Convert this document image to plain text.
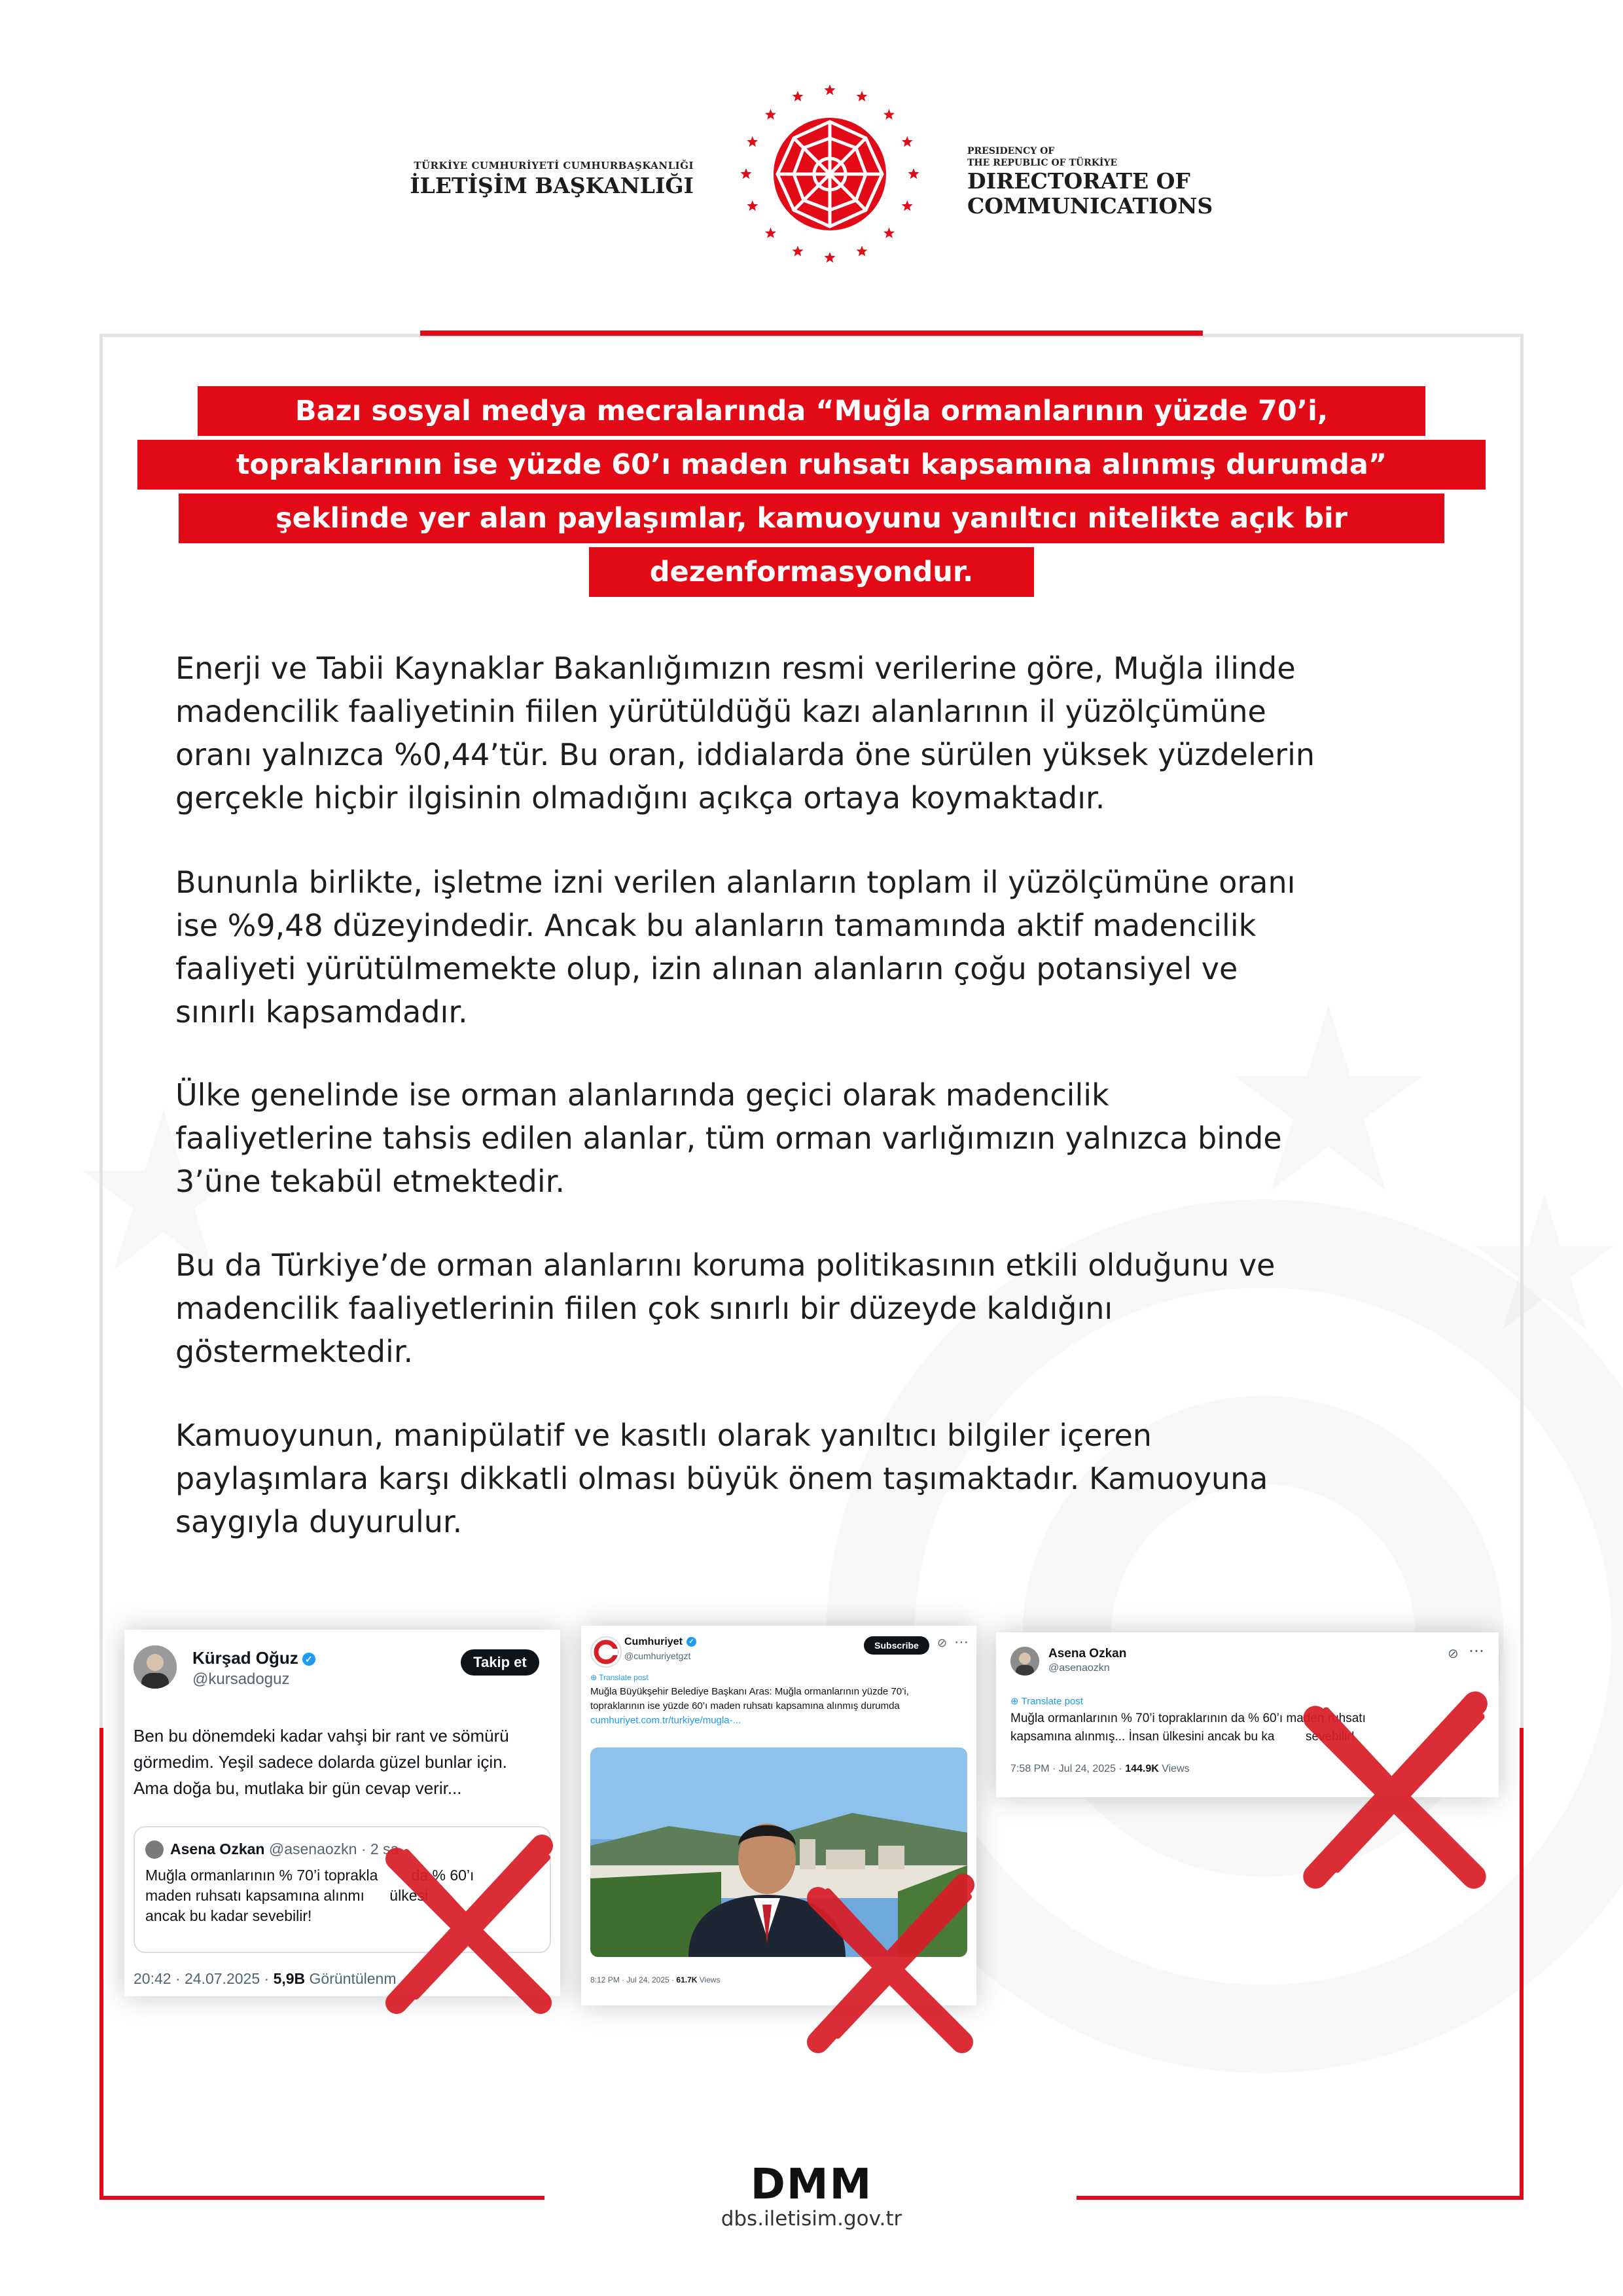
TÜRKİYE CUMHURİYETİ CUMHURBAŞKANLIĞI
İLETİŞİM BAŞKANLIĞI
PRESIDENCY OF
THE REPUBLIC OF TÜRKİYE
DIRECTORATE OF
COMMUNICATIONS
Bazı sosyal medya mecralarında “Muğla ormanlarının yüzde 70’i,
topraklarının ise yüzde 60’ı maden ruhsatı kapsamına alınmış durumda”
şeklinde yer alan paylaşımlar, kamuoyunu yanıltıcı nitelikte açık bir
dezenformasyondur.
Enerji ve Tabii Kaynaklar Bakanlığımızın resmi verilerine göre, Muğla ilinde
madencilik faaliyetinin fiilen yürütüldüğü kazı alanlarının il yüzölçümüne
oranı yalnızca %0,44’tür. Bu oran, iddialarda öne sürülen yüksek yüzdelerin
gerçekle hiçbir ilgisinin olmadığını açıkça ortaya koymaktadır.
Bununla birlikte, işletme izni verilen alanların toplam il yüzölçümüne oranı
ise %9,48 düzeyindedir. Ancak bu alanların tamamında aktif madencilik
faaliyeti yürütülmemekte olup, izin alınan alanların çoğu potansiyel ve
sınırlı kapsamdadır.
Ülke genelinde ise orman alanlarında geçici olarak madencilik
faaliyetlerine tahsis edilen alanlar, tüm orman varlığımızın yalnızca binde
3’üne tekabül etmektedir.
Bu da Türkiye’de orman alanlarını koruma politikasının etkili olduğunu ve
madencilik faaliyetlerinin fiilen çok sınırlı bir düzeyde kaldığını
göstermektedir.
Kamuoyunun, manipülatif ve kasıtlı olarak yanıltıcı bilgiler içeren
paylaşımlara karşı dikkatli olması büyük önem taşımaktadır. Kamuoyuna
saygıyla duyurulur.
Kürşad Oğuz ✓
@kursadoguz
Takip et
Ben bu dönemdeki kadar vahşi bir rant ve sömürü
görmedim. Yeşil sadece dolarda güzel bunlar için.
Ama doğa bu, mutlaka bir gün cevap verir...
Asena Ozkan @asenaozkn · 2 sa
Muğla ormanlarının % 70’i toprakla da % 60’ı
maden ruhsatı kapsamına alınmı ülkesi
ancak bu kadar sevebilir!
20:42 · 24.07.2025 · 5,9B Görüntülenm
Cumhuriyet ✓
@cumhuriyetgzt
Subscribe	⊘ ⋯
⊕ Translate post
Muğla Büyükşehir Belediye Başkanı Aras: Muğla ormanlarının yüzde 70’i,
topraklarının ise yüzde 60’ı maden ruhsatı kapsamına alınmış durumda
cumhuriyet.com.tr/turkiye/mugla-...
8:12 PM · Jul 24, 2025 · 61.7K Views
Asena Ozkan
@asenaozkn
⊘ ⋯
⊕ Translate post
Muğla ormanlarının % 70’i topraklarının da % 60’ı maden ruhsatı
kapsamına alınmış... İnsan ülkesini ancak bu ka	sevebilir!
7:58 PM · Jul 24, 2025 · 144.9K Views
DMM
dbs.iletisim.gov.tr
